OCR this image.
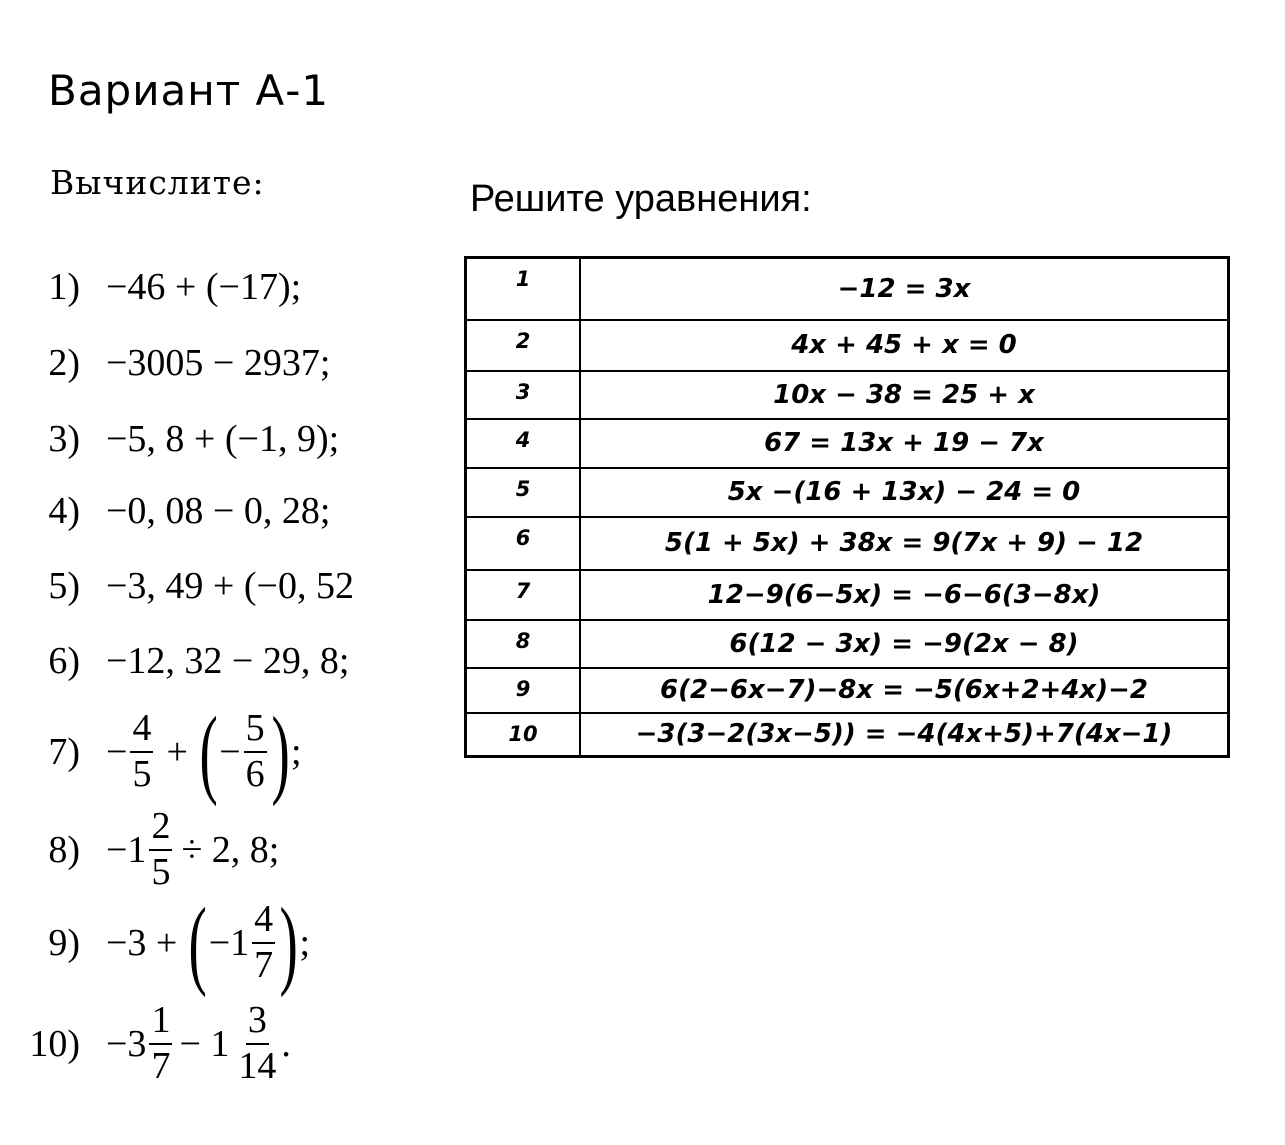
Вариант А-1
Вычислите:	Решите уравнения:
1) −46 + (−17);
2) −3005 − 2937;
3) −5, 8 + (−1, 9);
4) −0, 08 − 0, 28;
5) −3, 49 + (−0, 52
6) −12, 32 − 29, 8;
$7) - \frac{4}{5}$ + ( − $\frac{5}{6}$ ) ;
$8) -1 \frac{2}{5} \div 2$, 8;
9) −3 + ( $-1 \frac{4}{7}$ ) ;
$10) -3 \frac{1}{7} - 1 \frac{3}{14}$ .
1	−12 = 3x
2	4x + 45 + x = 0
3	10x − 38 = 25 + x
4	67 = 13x + 19 − 7x
5	5x −(16 + 13x) − 24 = 0
6	5(1 + 5x) + 38x = 9(7x + 9) − 12
7	12−9(6−5x) = −6−6(3−8x)
8	6(12 − 3x) = −9(2x − 8)
9	6(2−6x−7)−8x = −5(6x+2+4x)−2
10	−3(3−2(3x−5)) = −4(4x+5)+7(4x−1)
